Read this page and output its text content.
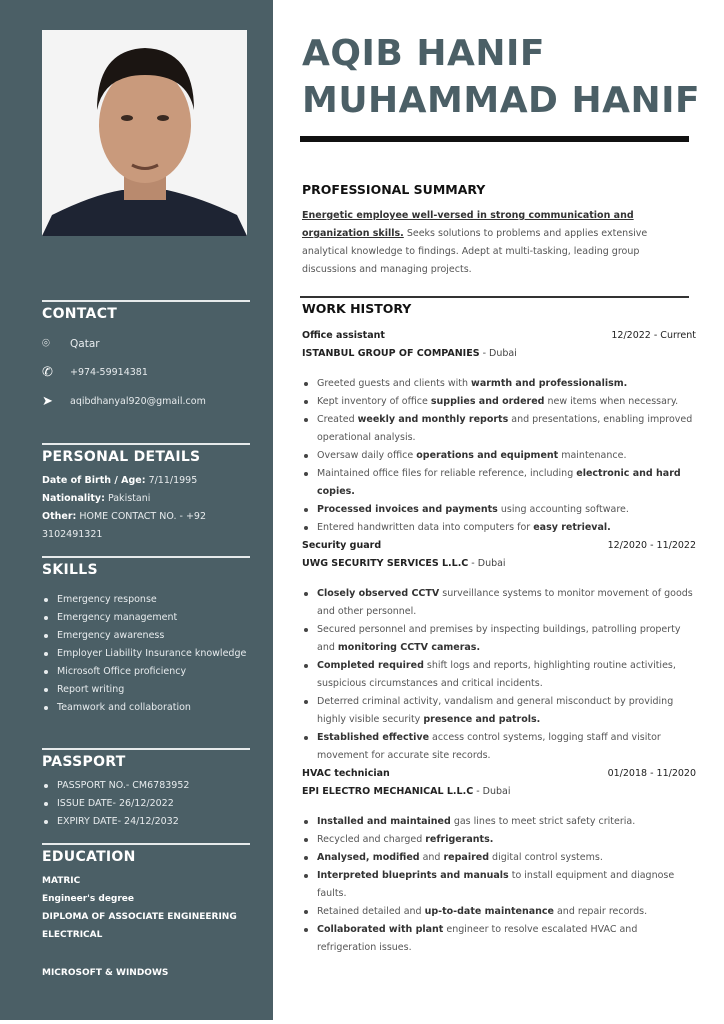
CONTACT
⌾	Qatar
✆	+974-59914381
➤	aqibdhanyal920@gmail.com
PERSONAL DETAILS
Date of Birth / Age: 7/11/1995
Nationality: Pakistani
Other: HOME CONTACT NO. - +92
3102491321
SKILLS
Emergency response
Emergency management
Emergency awareness
Employer Liability Insurance knowledge
Microsoft Office proficiency
Report writing
Teamwork and collaboration
PASSPORT
PASSPORT NO.- CM6783952
ISSUE DATE- 26/12/2022
EXPIRY DATE- 24/12/2032
EDUCATION
MATRIC
Engineer's degree
DIPLOMA OF ASSOCIATE ENGINEERING
ELECTRICAL
MICROSOFT & WINDOWS
AQIB HANIF
MUHAMMAD HANIF
PROFESSIONAL SUMMARY

Energetic employee well-versed in strong communication and organization skills. Seeks solutions to problems and applies extensive analytical knowledge to findings. Adept at multi-tasking, leading group discussions and managing projects.

WORK HISTORY
Office assistant	12/2022 - Current
ISTANBUL GROUP OF COMPANIES - Dubai
Greeted guests and clients with warmth and professionalism.
Kept inventory of office supplies and ordered new items when necessary.
Created weekly and monthly reports and presentations, enabling improved operational analysis.
Oversaw daily office operations and equipment maintenance.
Maintained office files for reliable reference, including electronic and hard copies.
Processed invoices and payments using accounting software.
Entered handwritten data into computers for easy retrieval.
Security guard	12/2020 - 11/2022
UWG SECURITY SERVICES L.L.C - Dubai
Closely observed CCTV surveillance systems to monitor movement of goods and other personnel.
Secured personnel and premises by inspecting buildings, patrolling property and monitoring CCTV cameras.
Completed required shift logs and reports, highlighting routine activities, suspicious circumstances and critical incidents.
Deterred criminal activity, vandalism and general misconduct by providing highly visible security presence and patrols.
Established effective access control systems, logging staff and visitor movement for accurate site records.
HVAC technician	01/2018 - 11/2020
EPI ELECTRO MECHANICAL L.L.C - Dubai
Installed and maintained gas lines to meet strict safety criteria.
Recycled and charged refrigerants.
Analysed, modified and repaired digital control systems.
Interpreted blueprints and manuals to install equipment and diagnose faults.
Retained detailed and up-to-date maintenance and repair records.
Collaborated with plant engineer to resolve escalated HVAC and refrigeration issues.
